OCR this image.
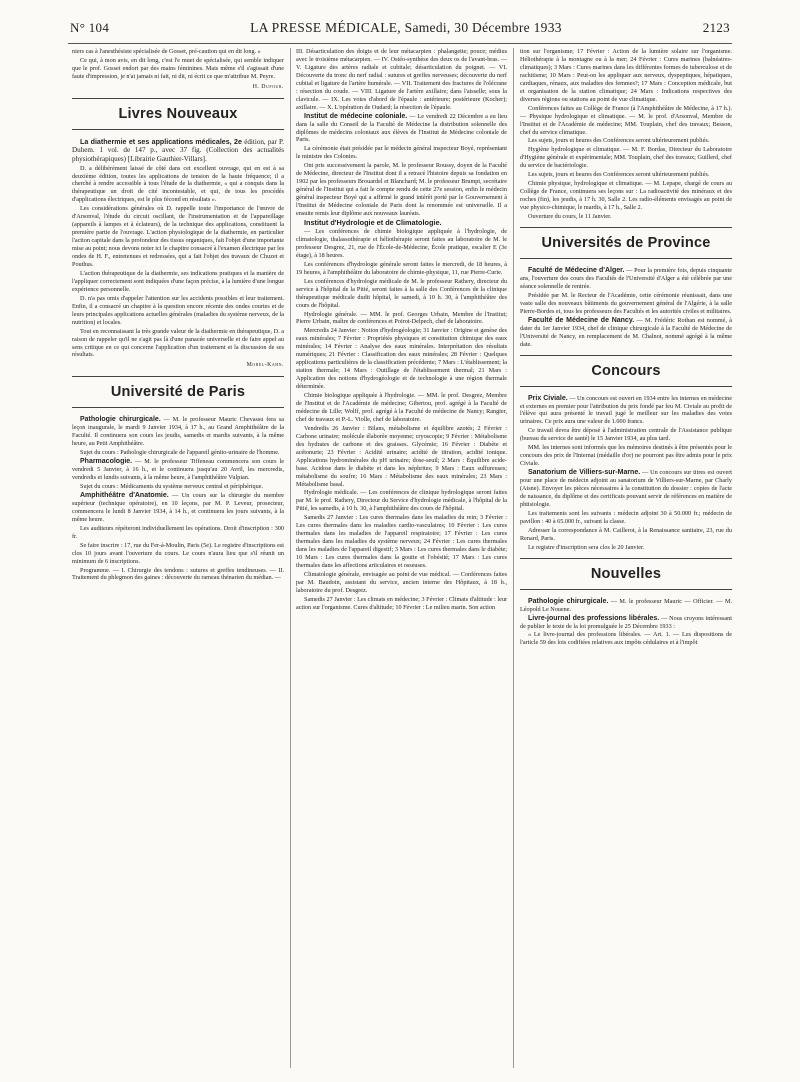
N° 104	LA PRESSE MÉDICALE, Samedi, 30 Décembre 1933	2123

niers cas à l'anesthésiste spécialisée de Gosset, pré-caution qui en dit long. »

Ce qui, à mon avis, en dit long, c'est l'e muet de spécialisée, qui semble indiquer que le prof. Gosset endort par des mains féminines. Mais même s'il s'agissait d'une faute d'impression, je n'ai jamais ni fait, ni dit, ni écrit ce que m'attribue M. Peyre.

H. Dufour.
Livres Nouveaux

La diathermie et ses applications médicales, 2e édition, par P. Duhem. 1 vol. de 147 p., avec 37 fig. (Collection des actualités physiothérapiques) [Librairie Gauthier-Villars].

D. a délibérément laissé de côté dans cet excellent ouvrage, qui en est à sa deuxième édition, toutes les applications de tension de la haute fréquence; il a cherché à rendre accessible à tous l'étude de la diathermie, « qui a conquis dans la thérapeutique un droit de cité incontestable, et qui, de tous les procédés d'applications électriques, est le plus fécond en résultats ».

Les considérations générales où D. rappelle toute l'importance de l'œuvre de d'Arsonval, l'étude du circuit oscillant, de l'instrumentation et de l'appareillage (appareils à lampes et à éclateurs), de la technique des applications, constituent la première partie de l'ouvrage. L'action physiologique de la diathermie, en particulier l'action capitale dans la profondeur des tissus organiques, fait l'objet d'une importante mise au point; nous devons noter ici le chapitre consacré à l'examen électrique par les ondes de H. F., entretenues et redressées, qui a fait l'objet des travaux de Chuzet et Pouthus.

L'action thérapeutique de la diathermie, ses indications pratiques et la manière de l'appliquer correctement sont indiquées d'une façon précise, à la lumière d'une longue expérience personnelle.

D. n'a pas omis d'appeler l'attention sur les accidents possibles et leur traitement. Enfin, il a consacré un chapitre à la question encore récente des ondes courtes et de leurs principales applications actuelles générales (maladies du système nerveux, de la nutrition) et locales.

Tout en reconnaissant la très grande valeur de la diathermie en thérapeutique, D. a raison de rappeler qu'il ne s'agit pas là d'une panacée universelle et de faire appel au sens critique en ce qui concerne l'application d'un traitement et la discussion de ses résultats.

Morel-Kahn.
Université de Paris

Pathologie chirurgicale. — M. le professeur Mauric Chevassu fera sa leçon inaugurale, le mardi 9 Janvier 1934, à 17 h., au Grand Amphithéâtre de la Faculté. Il continuera son cours les jeudis, samedis et mardis suivants, à la même heure, au Petit Amphithéâtre.

Sujet du cours : Pathologie chirurgicale de l'appareil génito-urinaire de l'homme.

Pharmacologie. — M. le professeur Tiffeneau commencera son cours le vendredi 5 Janvier, à 16 h., et le continuera jusqu'au 20 Avril, les mercredis, vendredis et lundis suivants, à la même heure, à l'amphithéâtre Vulpian.

Sujet du cours : Médicaments du système nerveux central et périphérique.

Amphithéâtre d'Anatomie. — Un cours sur la chirurgie du membre supérieur (technique opératoire), en 10 leçons, par M. P. Leveur, prosecteur, commencera le lundi 8 Janvier 1934, à 14 h., et continuera les jours suivants, à la même heure.

Les auditeurs répéteront individuellement les opérations. Droit d'inscription : 300 fr.

Se faire inscrire : 17, rue du Fer-à-Moulin, Paris (5e). Le registre d'inscriptions est clos 10 jours avant l'ouverture du cours. Le cours n'aura lieu que s'il réunit un minimum de 6 inscriptions.

Programme. — I. Chirurgie des tendons : sutures et greffes tendineuses. — II. Traitement du phlegmon des gaines : découverte du rameau thénarien du médian. —

III. Désarticulation des doigts et de leur métacarpien : phalangette; pouce; médius avec le troisième métacarpien. — IV. Ostéo-synthèse des deux os de l'avant-bras. — V. Ligature des artères radiale et cubitale; désarticulation du poignet. — VI. Découverte du tronc du nerf radial : sutures et greffes nerveuses; découverte du nerf cubital et ligature de l'artère humérale. — VII. Traitement des fractures de l'olécrane : résection du coude. — VIII. Ligature de l'artère axillaire; dans l'aisselle; sous la clavicule. — IX. Les voies d'abord de l'épaule : antérieure; postérieure (Kocher); axillaire. — X. L'opération de Oudard; la résection de l'épaule.

Institut de médecine coloniale. — Le vendredi 22 Décembre a eu lieu dans la salle du Conseil de la Faculté de Médecine la distribution solennelle des diplômes de médecins coloniaux aux élèves de l'Institut de Médecine coloniale de Paris.

La cérémonie était présidée par le médecin général inspecteur Boyé, représentant le ministre des Colonies.

Ont pris successivement la parole, M. le professeur Roussy, doyen de la Faculté de Médecine, directeur de l'Institut dont il a retracé l'histoire depuis sa fondation en 1902 par les professeurs Brouardel et Blanchard; M. le professeur Brumpt, secrétaire général de l'Institut qui a fait le compte rendu de cette 27e session, enfin le médecin général inspecteur Boyé qui a affirmé le grand intérêt porté par le Gouvernement à l'Institut de Médecine coloniale de Paris dont la renommée est universelle. Il a ensuite remis leur diplôme aux nouveaux lauréats.

Institut d'Hydrologie et de Climatologie.

— Les conférences de chimie biologique appliquée à l'hydrologie, de climatologie, thalassothérapie et héliothérapie seront faites au laboratoire de M. le professeur Desgrez, 21, rue de l'École-de-Médecine, École pratique, escalier E (3e étage), à 18 heures.

Les conférences d'hydrologie générale seront faites le mercredi, de 18 heures, à 19 heures, à l'amphithéâtre du laboratoire de chimie-physique, 11, rue Pierre-Curie.

Les conférences d'hydrologie médicale de M. le professeur Rathery, directeur du service à l'hôpital de la Pitié, seront faites à la salle des Conférences de la clinique thérapeutique médicale dudit hôpital, le samedi, à 10 h. 30, à l'amphithéâtre des cours de l'hôpital.

Hydrologie générale. — MM. le prof. Georges Urbain, Membre de l'Institut; Pierre Urbain, maître de conférences et Poirot-Delpech, chef de laboratoire.

Mercredis 24 Janvier : Notion d'hydrogéologie; 31 Janvier : Origine et genèse des eaux minérales; 7 Février : Propriétés physiques et constitution chimique des eaux minérales; 14 Février : Analyse des eaux minérales. Interprétation des résultats numériques; 21 Février : Classification des eaux minérales; 28 Février : Quelques applications particulières de la classification précédente; 7 Mars : L'établissement; la station thermale; 14 Mars : Outillage de l'établissement thermal; 21 Mars : Application des notions d'hydrogéologie et de technologie à une région thermale déterminée.

Chimie biologique appliquée à l'hydrologie. — MM. le prof. Desgrez, Membre de l'Institut et de l'Académie de médecine; Gibertou, prof. agrégé à la Faculté de médecine de Lille; Wolff, prof. agrégé à la Faculté de médecine de Nancy; Rangier, chef de travaux et P.-L. Violle, chef de laboratoire.

Vendredis 26 Janvier : Bilans, métabolisme et équilibre azotés; 2 Février : Carbone urinaire; molécule élaborée moyenne; cryoscopie; 9 Février : Métabolisme des hydrates de carbone et des graisses. Glycémie; 16 Février : Diabète et acétonurie; 23 Février : Acidité urinaire; acidité de titration, acidité ionique. Applications hydrominérales du pH urinaire; dose-seuil; 2 Mars : Équilibre acide-base. Acidose dans le diabète et dans les néphrites; 9 Mars : Eaux sulfureuses; métabolisme du soufre; 16 Mars : Métabolisme des eaux minérales; 23 Mars : Métabolisme basal.

Hydrologie médicale. — Les conférences de clinique hydrologique seront faites par M. le prof. Rathery, Directeur du Service d'hydrologie médicale, à l'hôpital de la Pitié, les samedis, à 10 h. 30, à l'amphithéâtre des cours de l'hôpital.

Samedis 27 Janvier : Les cures thermales dans les maladies du rein; 3 Février : Les cures thermales dans les maladies cardio-vasculaires; 10 Février : Les cures thermales dans les maladies de l'appareil respiratoire; 17 Février : Les cures thermales dans les maladies du système nerveux; 24 Février : Les cures thermales dans les maladies de l'appareil digestif; 3 Mars : Les cures thermales dans le diabète; 10 Mars : Les cures thermales dans la goutte et l'obésité; 17 Mars : Les cures thermales dans les affections articulaires et osseuses.

Climatologie générale, envisagée au point de vue médical. — Conférences faites par M. Baudoin, assistant du service, ancien interne des Hôpitaux, à 18 h., laboratoire du prof. Desgrez.

Samedis 27 Janvier : Les climats en médecine; 3 Février : Climats d'altitude : leur action sur l'organisme. Cures d'altitude; 10 Février : Le milieu marin. Son action

tion sur l'organisme; 17 Février : Action de la lumière solaire sur l'organisme. Héliothérapie à la montagne ou à la mer; 24 Février : Cures marines (balnéaires-climatiques); 3 Mars : Cures marines dans les différentes formes de tuberculose et de rachitisme; 10 Mars : Peut-on les appliquer aux nerveux, dyspeptiques, hépatiques, cardiaques, rénaux, aux maladies des femmes?; 17 Mars : Conception médicale, but et organisation de la station climatique; 24 Mars : Indications respectives des diverses régions ou stations au point de vue climatique.

Conférences faites au Collège de France (à l'Amphithéâtre de Médecine, à 17 h.). — Physique hydrologique et climatique. — M. le prof. d'Arsonval, Membre de l'Institut et de l'Académie de médecine; MM. Touplain, chef des travaux; Besson, chef du service climatique.

Les sujets, jours et heures des Conférences seront ultérieurement publiés.

Hygiène hydrologique et climatique. — M. F. Bordas, Directeur du Laboratoire d'Hygiène générale et expérimentale; MM. Touplain, chef des travaux; Guillerd, chef du service de bactériologie.

Les sujets, jours et heures des Conférences seront ultérieurement publiés.

Chimie physique, hydrologique et climatique. — M. Lepape, chargé de cours au Collège de France, continuera ses leçons sur : La radioactivité des minéraux et des roches (fin), les jeudis, à 17 h. 30, Salle 2. Les radio-éléments envisagés au point de vue physico-chimique, le mardis, à 17 h., Salle 2.

Ouverture du cours, le 11 Janvier.

Universités de Province

Faculté de Médecine d'Alger. — Pour la première fois, depuis cinquante ans, l'ouverture des cours des Facultés de l'Université d'Alger a été célébrée par une séance solennelle de rentrée.

Présidée par M. le Recteur de l'Académie, cette cérémonie réunissait, dans une vaste salle des nouveaux bâtiments du gouvernement général de l'Algérie, à la salle Pierre-Bordes et, tous les professeurs des Facultés et les autorités civiles et militaires.

Faculté de Médecine de Nancy. — M. Frédéric Rothan est nommé, à dater du 1er Janvier 1934, chef de clinique chirurgicale à la Faculté de Médecine de l'Université de Nancy, en remplacement de M. Chalnot, nommé agrégé à la même date.

Concours

Prix Civiale. — Un concours est ouvert en 1934 entre les internes en médecine et externes en premier pour l'attribution du prix fondé par feu M. Civiale au profit de l'élève qui aura présenté le travail jugé le meilleur sur les maladies des voies urinaires. Ce prix aura une valeur de 1.000 francs.

Ce travail devra être déposé à l'administration centrale de l'Assistance publique (bureau du service de santé) le 15 Janvier 1934, au plus tard.

MM. les internes sont informés que les mémoires destinés à être présentés pour le concours des prix de l'Internat (médaille d'or) ne pourront pas être admis pour le prix Civiale.

Sanatorium de Villiers-sur-Marne. — Un concours sur titres est ouvert pour une place de médecin adjoint au sanatorium de Villiers-sur-Marne, par Charly (Aisne). Envoyer les pièces nécessaires à la constitution du dossier : copies de l'acte de naissance, du diplôme et des certificats pouvant servir de références en matière de phtisiologie.

Les traitements sont les suivants : médecin adjoint 30 à 50.000 fr.; médecin de pavillon : 40 à 65.000 fr., suivant la classe.

Adresser la correspondance à M. Caillerot, à la Renaissance sanitaire, 23, rue du Renard, Paris.

Le registre d'inscription sera clos le 20 Janvier.

Nouvelles

Pathologie chirurgicale. — M. le professeur Mauric — Officier. — M. Léopold Le Nouene.

Livre-journal des professions libérales. — Nous croyons intéressant de publier le texte de la loi promulguée le 25 Décembre 1933 :

« Le livre-journal des professions libérales. — Art. 1. — Les dispositions de l'article 59 des lois codifiées relatives aux impôts cédulaires et à l'impôt
